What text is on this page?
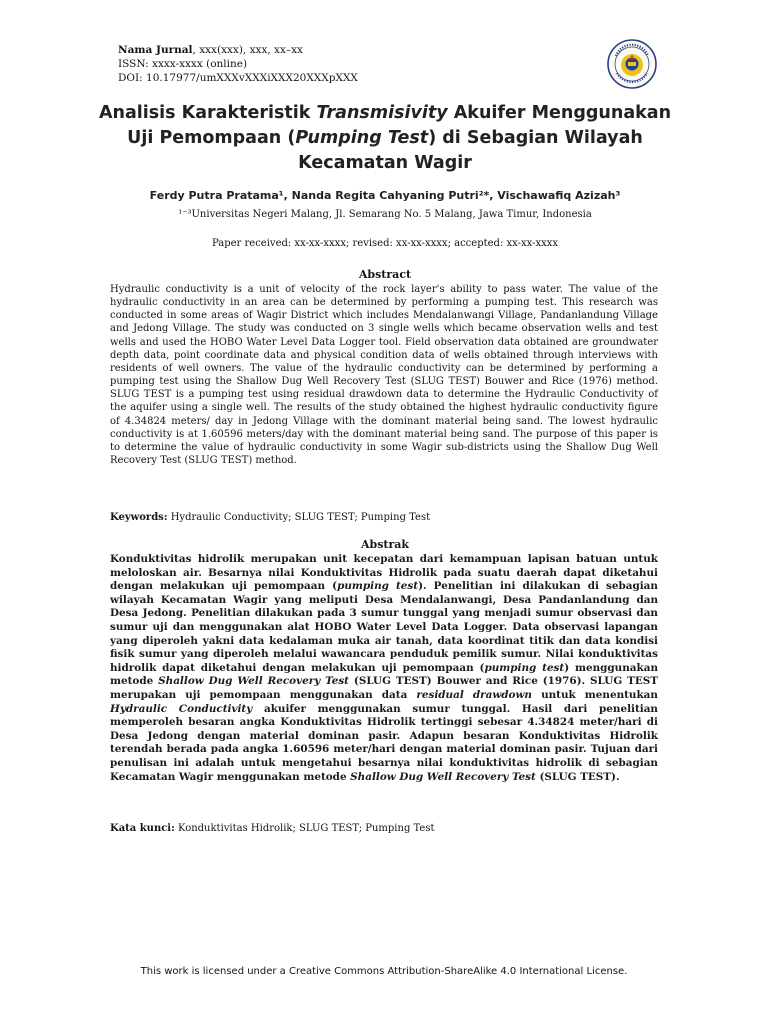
Nama Jurnal, xxx(xxx), xxx, xx–xx
ISSN: xxxx-xxxx (online)
DOI: 10.17977/umXXXvXXXiXXX20XXXpXXX
Analisis Karakteristik Transmisivity Akuifer Menggunakan Uji Pemompaan (Pumping Test) di Sebagian Wilayah Kecamatan Wagir
Ferdy Putra Pratama¹, Nanda Regita Cahyaning Putri²*, Vischawafiq Azizah³
¹⁻³Universitas Negeri Malang, Jl. Semarang No. 5 Malang, Jawa Timur, Indonesia
Paper received: xx-xx-xxxx; revised: xx-xx-xxxx; accepted: xx-xx-xxxx
Abstract
Hydraulic conductivity is a unit of velocity of the rock layer's ability to pass water. The value of the hydraulic conductivity in an area can be determined by performing a pumping test. This research was conducted in some areas of Wagir District which includes Mendalanwangi Village, Pandanlandung Village and Jedong Village. The study was conducted on 3 single wells which became observation wells and test wells and used the HOBO Water Level Data Logger tool. Field observation data obtained are groundwater depth data, point coordinate data and physical condition data of wells obtained through interviews with residents of well owners. The value of the hydraulic conductivity can be determined by performing a pumping test using the Shallow Dug Well Recovery Test (SLUG TEST) Bouwer and Rice (1976) method. SLUG TEST is a pumping test using residual drawdown data to determine the Hydraulic Conductivity of the aquifer using a single well. The results of the study obtained the highest hydraulic conductivity figure of 4.34824 meters/ day in Jedong Village with the dominant material being sand. The lowest hydraulic conductivity is at 1.60596 meters/day with the dominant material being sand. The purpose of this paper is to determine the value of hydraulic conductivity in some Wagir sub-districts using the Shallow Dug Well Recovery Test (SLUG TEST) method.
Keywords: Hydraulic Conductivity; SLUG TEST; Pumping Test
Abstrak
Konduktivitas hidrolik merupakan unit kecepatan dari kemampuan lapisan batuan untuk meloloskan air. Besarnya nilai Konduktivitas Hidrolik pada suatu daerah dapat diketahui dengan melakukan uji pemompaan (pumping test). Penelitian ini dilakukan di sebagian wilayah Kecamatan Wagir yang meliputi Desa Mendalanwangi, Desa Pandanlandung dan Desa Jedong. Penelitian dilakukan pada 3 sumur tunggal yang menjadi sumur observasi dan sumur uji dan menggunakan alat HOBO Water Level Data Logger. Data observasi lapangan yang diperoleh yakni data kedalaman muka air tanah, data koordinat titik dan data kondisi fisik sumur yang diperoleh melalui wawancara penduduk pemilik sumur. Nilai konduktivitas hidrolik dapat diketahui dengan melakukan uji pemompaan (pumping test) menggunakan metode Shallow Dug Well Recovery Test (SLUG TEST) Bouwer and Rice (1976). SLUG TEST merupakan uji pemompaan menggunakan data residual drawdown untuk menentukan Hydraulic Conductivity akuifer menggunakan sumur tunggal. Hasil dari penelitian memperoleh besaran angka Konduktivitas Hidrolik tertinggi sebesar 4.34824 meter/hari di Desa Jedong dengan material dominan pasir. Adapun besaran Konduktivitas Hidrolik terendah berada pada angka 1.60596 meter/hari dengan material dominan pasir. Tujuan dari penulisan ini adalah untuk mengetahui besarnya nilai konduktivitas hidrolik di sebagian Kecamatan Wagir menggunakan metode Shallow Dug Well Recovery Test (SLUG TEST).
Kata kunci: Konduktivitas Hidrolik; SLUG TEST; Pumping Test
This work is licensed under a Creative Commons Attribution-ShareAlike 4.0 International License.
